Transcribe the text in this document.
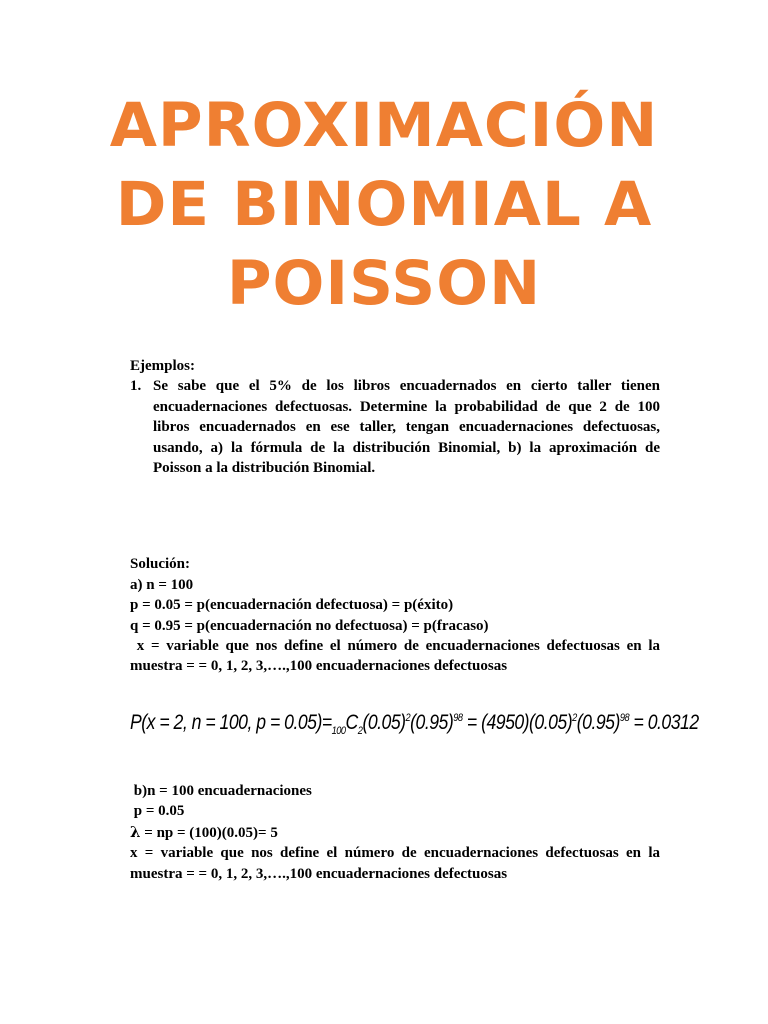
APROXIMACIÓN
DE BINOMIAL A
POISSON

Ejemplos:

1. Se sabe que el 5% de los libros encuadernados en cierto taller tienen encuadernaciones defectuosas. Determine la probabilidad de que 2 de 100 libros encuadernados en ese taller, tengan encuadernaciones defectuosas, usando, a) la fórmula de la distribución Binomial, b) la aproximación de Poisson a la distribución Binomial.

Solución:

a) n = 100

p = 0.05 = p(encuadernación defectuosa) = p(éxito)

q = 0.95 = p(encuadernación no defectuosa) = p(fracaso)

x = variable que nos define el número de encuadernaciones defectuosas en la muestra = = 0, 1, 2, 3,….,100 encuadernaciones defectuosas

P(x = 2, n = 100, $p = 0.05)=_{100}C_2(0.05)^2(0.95)^{98} = (4950)(0.05)^2(0.95)^{98} = 0.0312$

b)n = 100 encuadernaciones

p = 0.05

λ = np = (100)(0.05)= 5

x = variable que nos define el número de encuadernaciones defectuosas en la muestra = = 0, 1, 2, 3,….,100 encuadernaciones defectuosas
